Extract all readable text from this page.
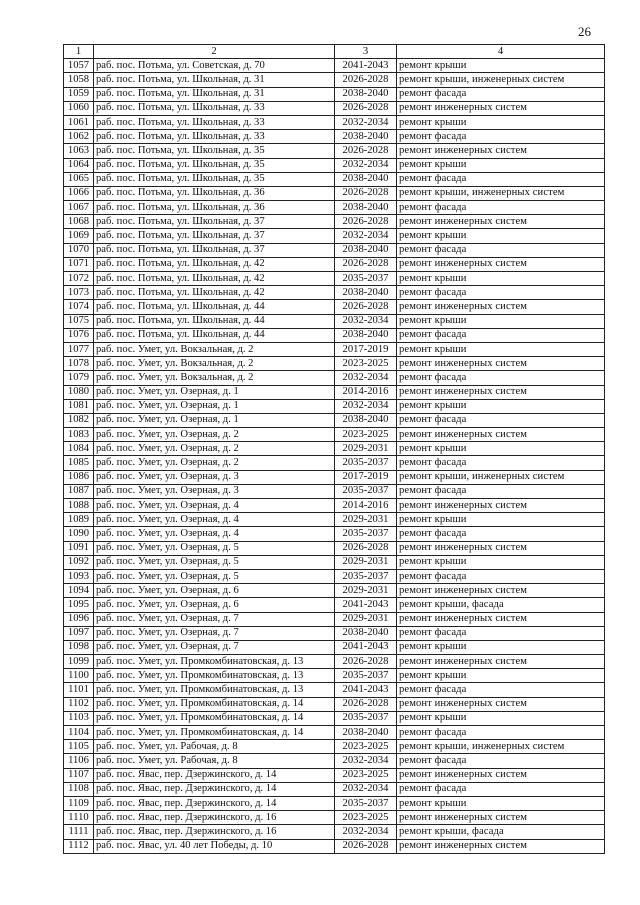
26
1	2	3	4
1057	раб. пос. Потьма, ул. Советская, д. 70	2041-2043	ремонт крыши
1058	раб. пос. Потьма, ул. Школьная, д. 31	2026-2028	ремонт крыши, инженерных систем
1059	раб. пос. Потьма, ул. Школьная, д. 31	2038-2040	ремонт фасада
1060	раб. пос. Потьма, ул. Школьная, д. 33	2026-2028	ремонт инженерных систем
1061	раб. пос. Потьма, ул. Школьная, д. 33	2032-2034	ремонт крыши
1062	раб. пос. Потьма, ул. Школьная, д. 33	2038-2040	ремонт фасада
1063	раб. пос. Потьма, ул. Школьная, д. 35	2026-2028	ремонт инженерных систем
1064	раб. пос. Потьма, ул. Школьная, д. 35	2032-2034	ремонт крыши
1065	раб. пос. Потьма, ул. Школьная, д. 35	2038-2040	ремонт фасада
1066	раб. пос. Потьма, ул. Школьная, д. 36	2026-2028	ремонт крыши, инженерных систем
1067	раб. пос. Потьма, ул. Школьная, д. 36	2038-2040	ремонт фасада
1068	раб. пос. Потьма, ул. Школьная, д. 37	2026-2028	ремонт инженерных систем
1069	раб. пос. Потьма, ул. Школьная, д. 37	2032-2034	ремонт крыши
1070	раб. пос. Потьма, ул. Школьная, д. 37	2038-2040	ремонт фасада
1071	раб. пос. Потьма, ул. Школьная, д. 42	2026-2028	ремонт инженерных систем
1072	раб. пос. Потьма, ул. Школьная, д. 42	2035-2037	ремонт крыши
1073	раб. пос. Потьма, ул. Школьная, д. 42	2038-2040	ремонт фасада
1074	раб. пос. Потьма, ул. Школьная, д. 44	2026-2028	ремонт инженерных систем
1075	раб. пос. Потьма, ул. Школьная, д. 44	2032-2034	ремонт крыши
1076	раб. пос. Потьма, ул. Школьная, д. 44	2038-2040	ремонт фасада
1077	раб. пос. Умет, ул. Вокзальная, д. 2	2017-2019	ремонт крыши
1078	раб. пос. Умет, ул. Вокзальная, д. 2	2023-2025	ремонт инженерных систем
1079	раб. пос. Умет, ул. Вокзальная, д. 2	2032-2034	ремонт фасада
1080	раб. пос. Умет, ул. Озерная, д. 1	2014-2016	ремонт инженерных систем
1081	раб. пос. Умет, ул. Озерная, д. 1	2032-2034	ремонт крыши
1082	раб. пос. Умет, ул. Озерная, д. 1	2038-2040	ремонт фасада
1083	раб. пос. Умет, ул. Озерная, д. 2	2023-2025	ремонт инженерных систем
1084	раб. пос. Умет, ул. Озерная, д. 2	2029-2031	ремонт крыши
1085	раб. пос. Умет, ул. Озерная, д. 2	2035-2037	ремонт фасада
1086	раб. пос. Умет, ул. Озерная, д. 3	2017-2019	ремонт крыши, инженерных систем
1087	раб. пос. Умет, ул. Озерная, д. 3	2035-2037	ремонт фасада
1088	раб. пос. Умет, ул. Озерная, д. 4	2014-2016	ремонт инженерных систем
1089	раб. пос. Умет, ул. Озерная, д. 4	2029-2031	ремонт крыши
1090	раб. пос. Умет, ул. Озерная, д. 4	2035-2037	ремонт фасада
1091	раб. пос. Умет, ул. Озерная, д. 5	2026-2028	ремонт инженерных систем
1092	раб. пос. Умет, ул. Озерная, д. 5	2029-2031	ремонт крыши
1093	раб. пос. Умет, ул. Озерная, д. 5	2035-2037	ремонт фасада
1094	раб. пос. Умет, ул. Озерная, д. 6	2029-2031	ремонт инженерных систем
1095	раб. пос. Умет, ул. Озерная, д. 6	2041-2043	ремонт крыши, фасада
1096	раб. пос. Умет, ул. Озерная, д. 7	2029-2031	ремонт инженерных систем
1097	раб. пос. Умет, ул. Озерная, д. 7	2038-2040	ремонт фасада
1098	раб. пос. Умет, ул. Озерная, д. 7	2041-2043	ремонт крыши
1099	раб. пос. Умет, ул. Промкомбинатовская, д. 13	2026-2028	ремонт инженерных систем
1100	раб. пос. Умет, ул. Промкомбинатовская, д. 13	2035-2037	ремонт крыши
1101	раб. пос. Умет, ул. Промкомбинатовская, д. 13	2041-2043	ремонт фасада
1102	раб. пос. Умет, ул. Промкомбинатовская, д. 14	2026-2028	ремонт инженерных систем
1103	раб. пос. Умет, ул. Промкомбинатовская, д. 14	2035-2037	ремонт крыши
1104	раб. пос. Умет, ул. Промкомбинатовская, д. 14	2038-2040	ремонт фасада
1105	раб. пос. Умет, ул. Рабочая, д. 8	2023-2025	ремонт крыши, инженерных систем
1106	раб. пос. Умет, ул. Рабочая, д. 8	2032-2034	ремонт фасада
1107	раб. пос. Явас, пер. Дзержинского, д. 14	2023-2025	ремонт инженерных систем
1108	раб. пос. Явас, пер. Дзержинского, д. 14	2032-2034	ремонт фасада
1109	раб. пос. Явас, пер. Дзержинского, д. 14	2035-2037	ремонт крыши
1110	раб. пос. Явас, пер. Дзержинского, д. 16	2023-2025	ремонт инженерных систем
1111	раб. пос. Явас, пер. Дзержинского, д. 16	2032-2034	ремонт крыши, фасада
1112	раб. пос. Явас, ул. 40 лет Победы, д. 10	2026-2028	ремонт инженерных систем
